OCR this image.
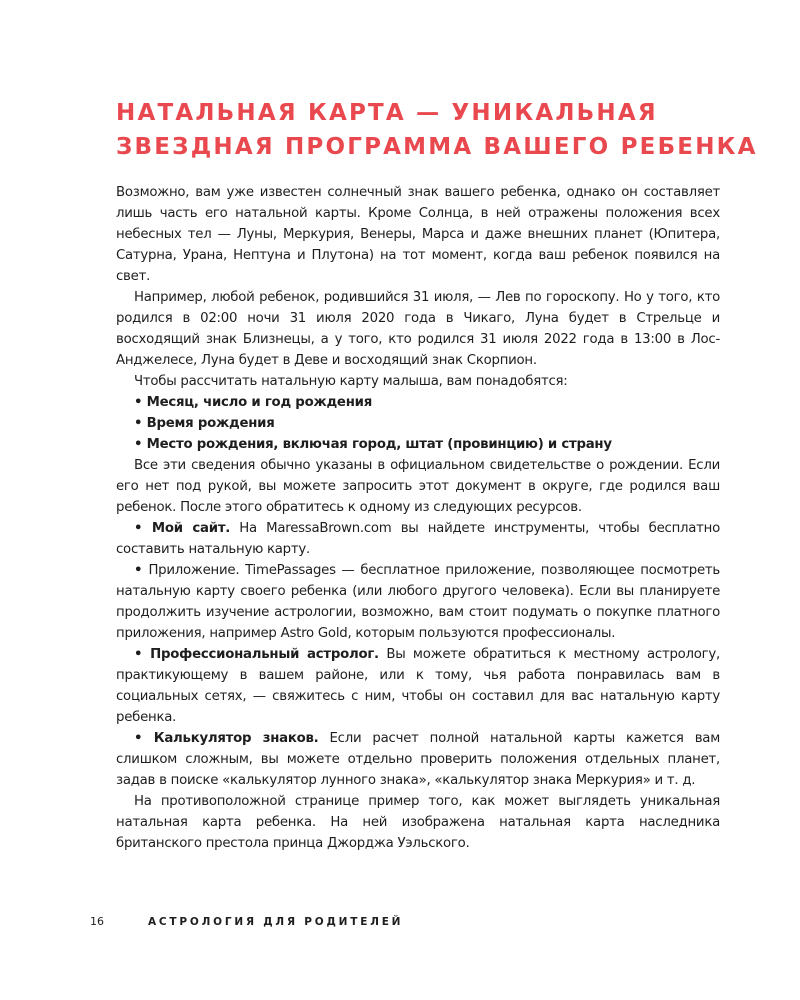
НАТАЛЬНАЯ КАРТА — УНИКАЛЬНАЯ
ЗВЕЗДНАЯ ПРОГРАММА ВАШЕГО РЕБЕНКА

Возможно, вам уже известен солнечный знак вашего ребенка, однако он составляет лишь часть его натальной карты. Кроме Солнца, в ней отражены положения всех небесных тел — Луны, Меркурия, Венеры, Марса и даже внешних планет (Юпитера, Сатурна, Урана, Нептуна и Плутона) на тот момент, когда ваш ребенок появился на свет.

Например, любой ребенок, родившийся 31 июля, — Лев по гороскопу. Но у того, кто родился в 02:00 ночи 31 июля 2020 года в Чикаго, Луна будет в Стрельце и восходящий знак Близнецы, а у того, кто родился 31 июля 2022 года в 13:00 в Лос-Анджелесе, Луна будет в Деве и восходящий знак Скорпион.

Чтобы рассчитать натальную карту малыша, вам понадобятся:

• Месяц, число и год рождения

• Время рождения

• Место рождения, включая город, штат (провинцию) и страну

Все эти сведения обычно указаны в официальном свидетельстве о рождении. Если его нет под рукой, вы можете запросить этот документ в округе, где родился ваш ребенок. После этого обратитесь к одному из следующих ресурсов.

• Мой сайт. На MaressaBrown.com вы найдете инструменты, чтобы бесплатно составить натальную карту.

• Приложение. TimePassages — бесплатное приложение, позволяющее посмотреть натальную карту своего ребенка (или любого другого человека). Если вы планируете продолжить изучение астрологии, возможно, вам стоит подумать о покупке платного приложения, например Astro Gold, которым пользуются профессионалы.

• Профессиональный астролог. Вы можете обратиться к местному астрологу, практикующему в вашем районе, или к тому, чья работа понравилась вам в социальных сетях, — свяжитесь с ним, чтобы он составил для вас натальную карту ребенка.

• Калькулятор знаков. Если расчет полной натальной карты кажется вам слишком сложным, вы можете отдельно проверить положения отдельных планет, задав в поиске «калькулятор лунного знака», «калькулятор знака Меркурия» и т. д.

На противоположной странице пример того, как может выглядеть уникальная натальная карта ребенка. На ней изображена натальная карта наследника британского престола принца Джорджа Уэльского.

16	АСТРОЛОГИЯ ДЛЯ РОДИТЕЛЕЙ
